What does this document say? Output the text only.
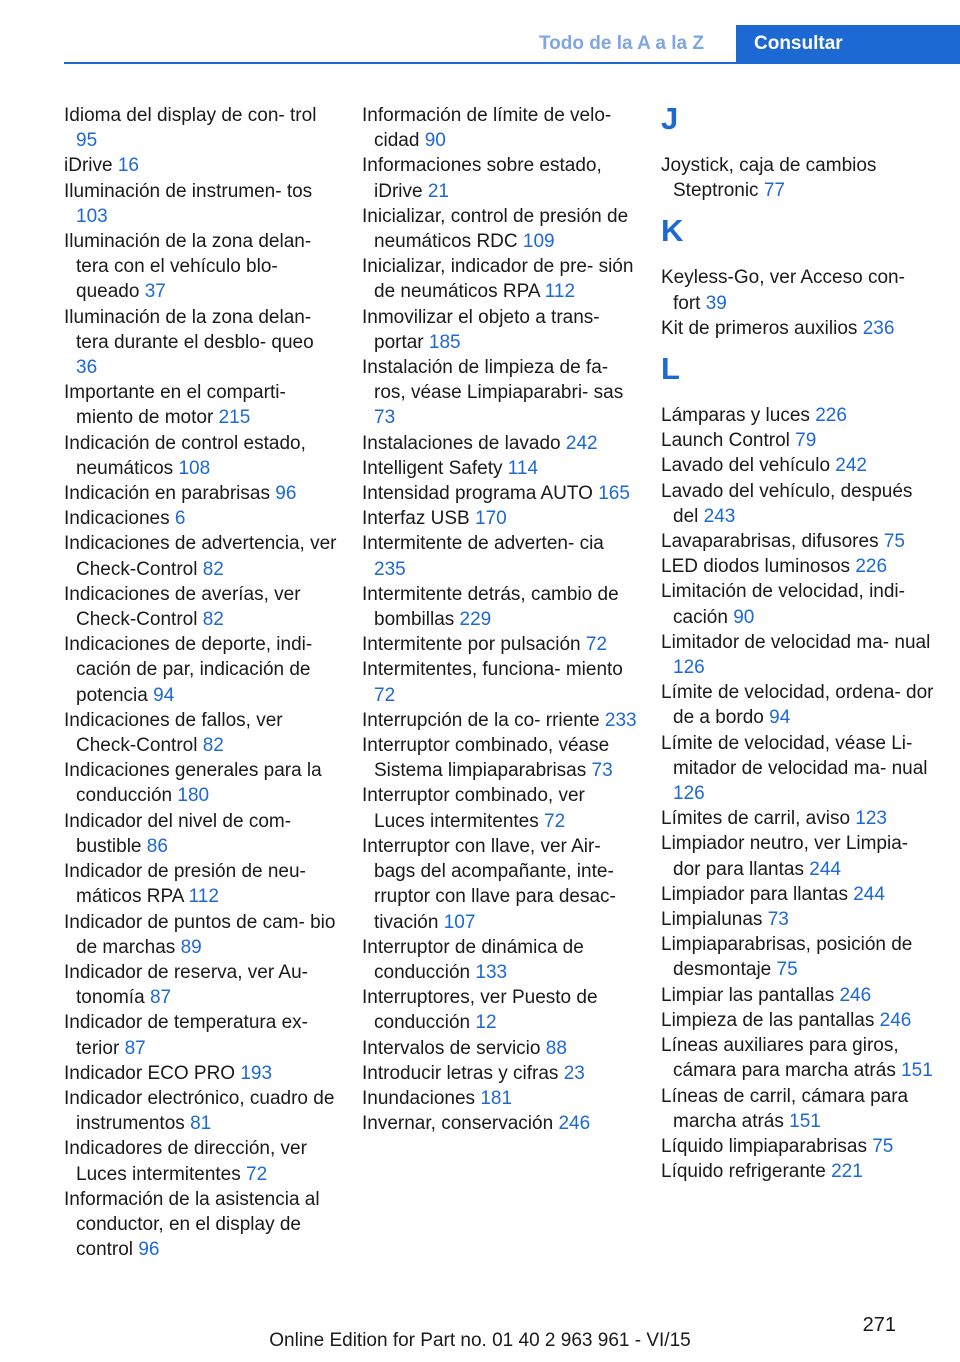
Todo de la A a la Z	Consultar
Idioma del display de con- trol 95
iDrive 16
Iluminación de instrumen- tos 103
Iluminación de la zona delan- tera con el vehículo blo- queado 37
Iluminación de la zona delan- tera durante el desblo- queo 36
Importante en el comparti- miento de motor 215
Indicación de control estado, neumáticos 108
Indicación en parabrisas 96
Indicaciones 6
Indicaciones de advertencia, ver Check-Control 82
Indicaciones de averías, ver Check-Control 82
Indicaciones de deporte, indi- cación de par, indicación de potencia 94
Indicaciones de fallos, ver Check-Control 82
Indicaciones generales para la conducción 180
Indicador del nivel de com- bustible 86
Indicador de presión de neu- máticos RPA 112
Indicador de puntos de cam- bio de marchas 89
Indicador de reserva, ver Au- tonomía 87
Indicador de temperatura ex- terior 87
Indicador ECO PRO 193
Indicador electrónico, cuadro de instrumentos 81
Indicadores de dirección, ver Luces intermitentes 72
Información de la asistencia al conductor, en el display de control 96
Información de límite de velo- cidad 90
Informaciones sobre estado, iDrive 21
Inicializar, control de presión de neumáticos RDC 109
Inicializar, indicador de pre- sión de neumáticos RPA 112
Inmovilizar el objeto a trans- portar 185
Instalación de limpieza de fa- ros, véase Limpiaparabri- sas 73
Instalaciones de lavado 242
Intelligent Safety 114
Intensidad programa AUTO 165
Interfaz USB 170
Intermitente de adverten- cia 235
Intermitente detrás, cambio de bombillas 229
Intermitente por pulsación 72
Intermitentes, funciona- miento 72
Interrupción de la co- rriente 233
Interruptor combinado, véase Sistema limpiaparabrisas 73
Interruptor combinado, ver Luces intermitentes 72
Interruptor con llave, ver Air- bags del acompañante, inte- rruptor con llave para desac- tivación 107
Interruptor de dinámica de conducción 133
Interruptores, ver Puesto de conducción 12
Intervalos de servicio 88
Introducir letras y cifras 23
Inundaciones 181
Invernar, conservación 246
J
Joystick, caja de cambios Steptronic 77
K
Keyless-Go, ver Acceso con- fort 39
Kit de primeros auxilios 236
L
Lámparas y luces 226
Launch Control 79
Lavado del vehículo 242
Lavado del vehículo, después del 243
Lavaparabrisas, difusores 75
LED diodos luminosos 226
Limitación de velocidad, indi- cación 90
Limitador de velocidad ma- nual 126
Límite de velocidad, ordena- dor de a bordo 94
Límite de velocidad, véase Li- mitador de velocidad ma- nual 126
Límites de carril, aviso 123
Limpiador neutro, ver Limpia- dor para llantas 244
Limpiador para llantas 244
Limpialunas 73
Limpiaparabrisas, posición de desmontaje 75
Limpiar las pantallas 246
Limpieza de las pantallas 246
Líneas auxiliares para giros, cámara para marcha atrás 151
Líneas de carril, cámara para marcha atrás 151
Líquido limpiaparabrisas 75
Líquido refrigerante 221
271
Online Edition for Part no. 01 40 2 963 961 - VI/15
